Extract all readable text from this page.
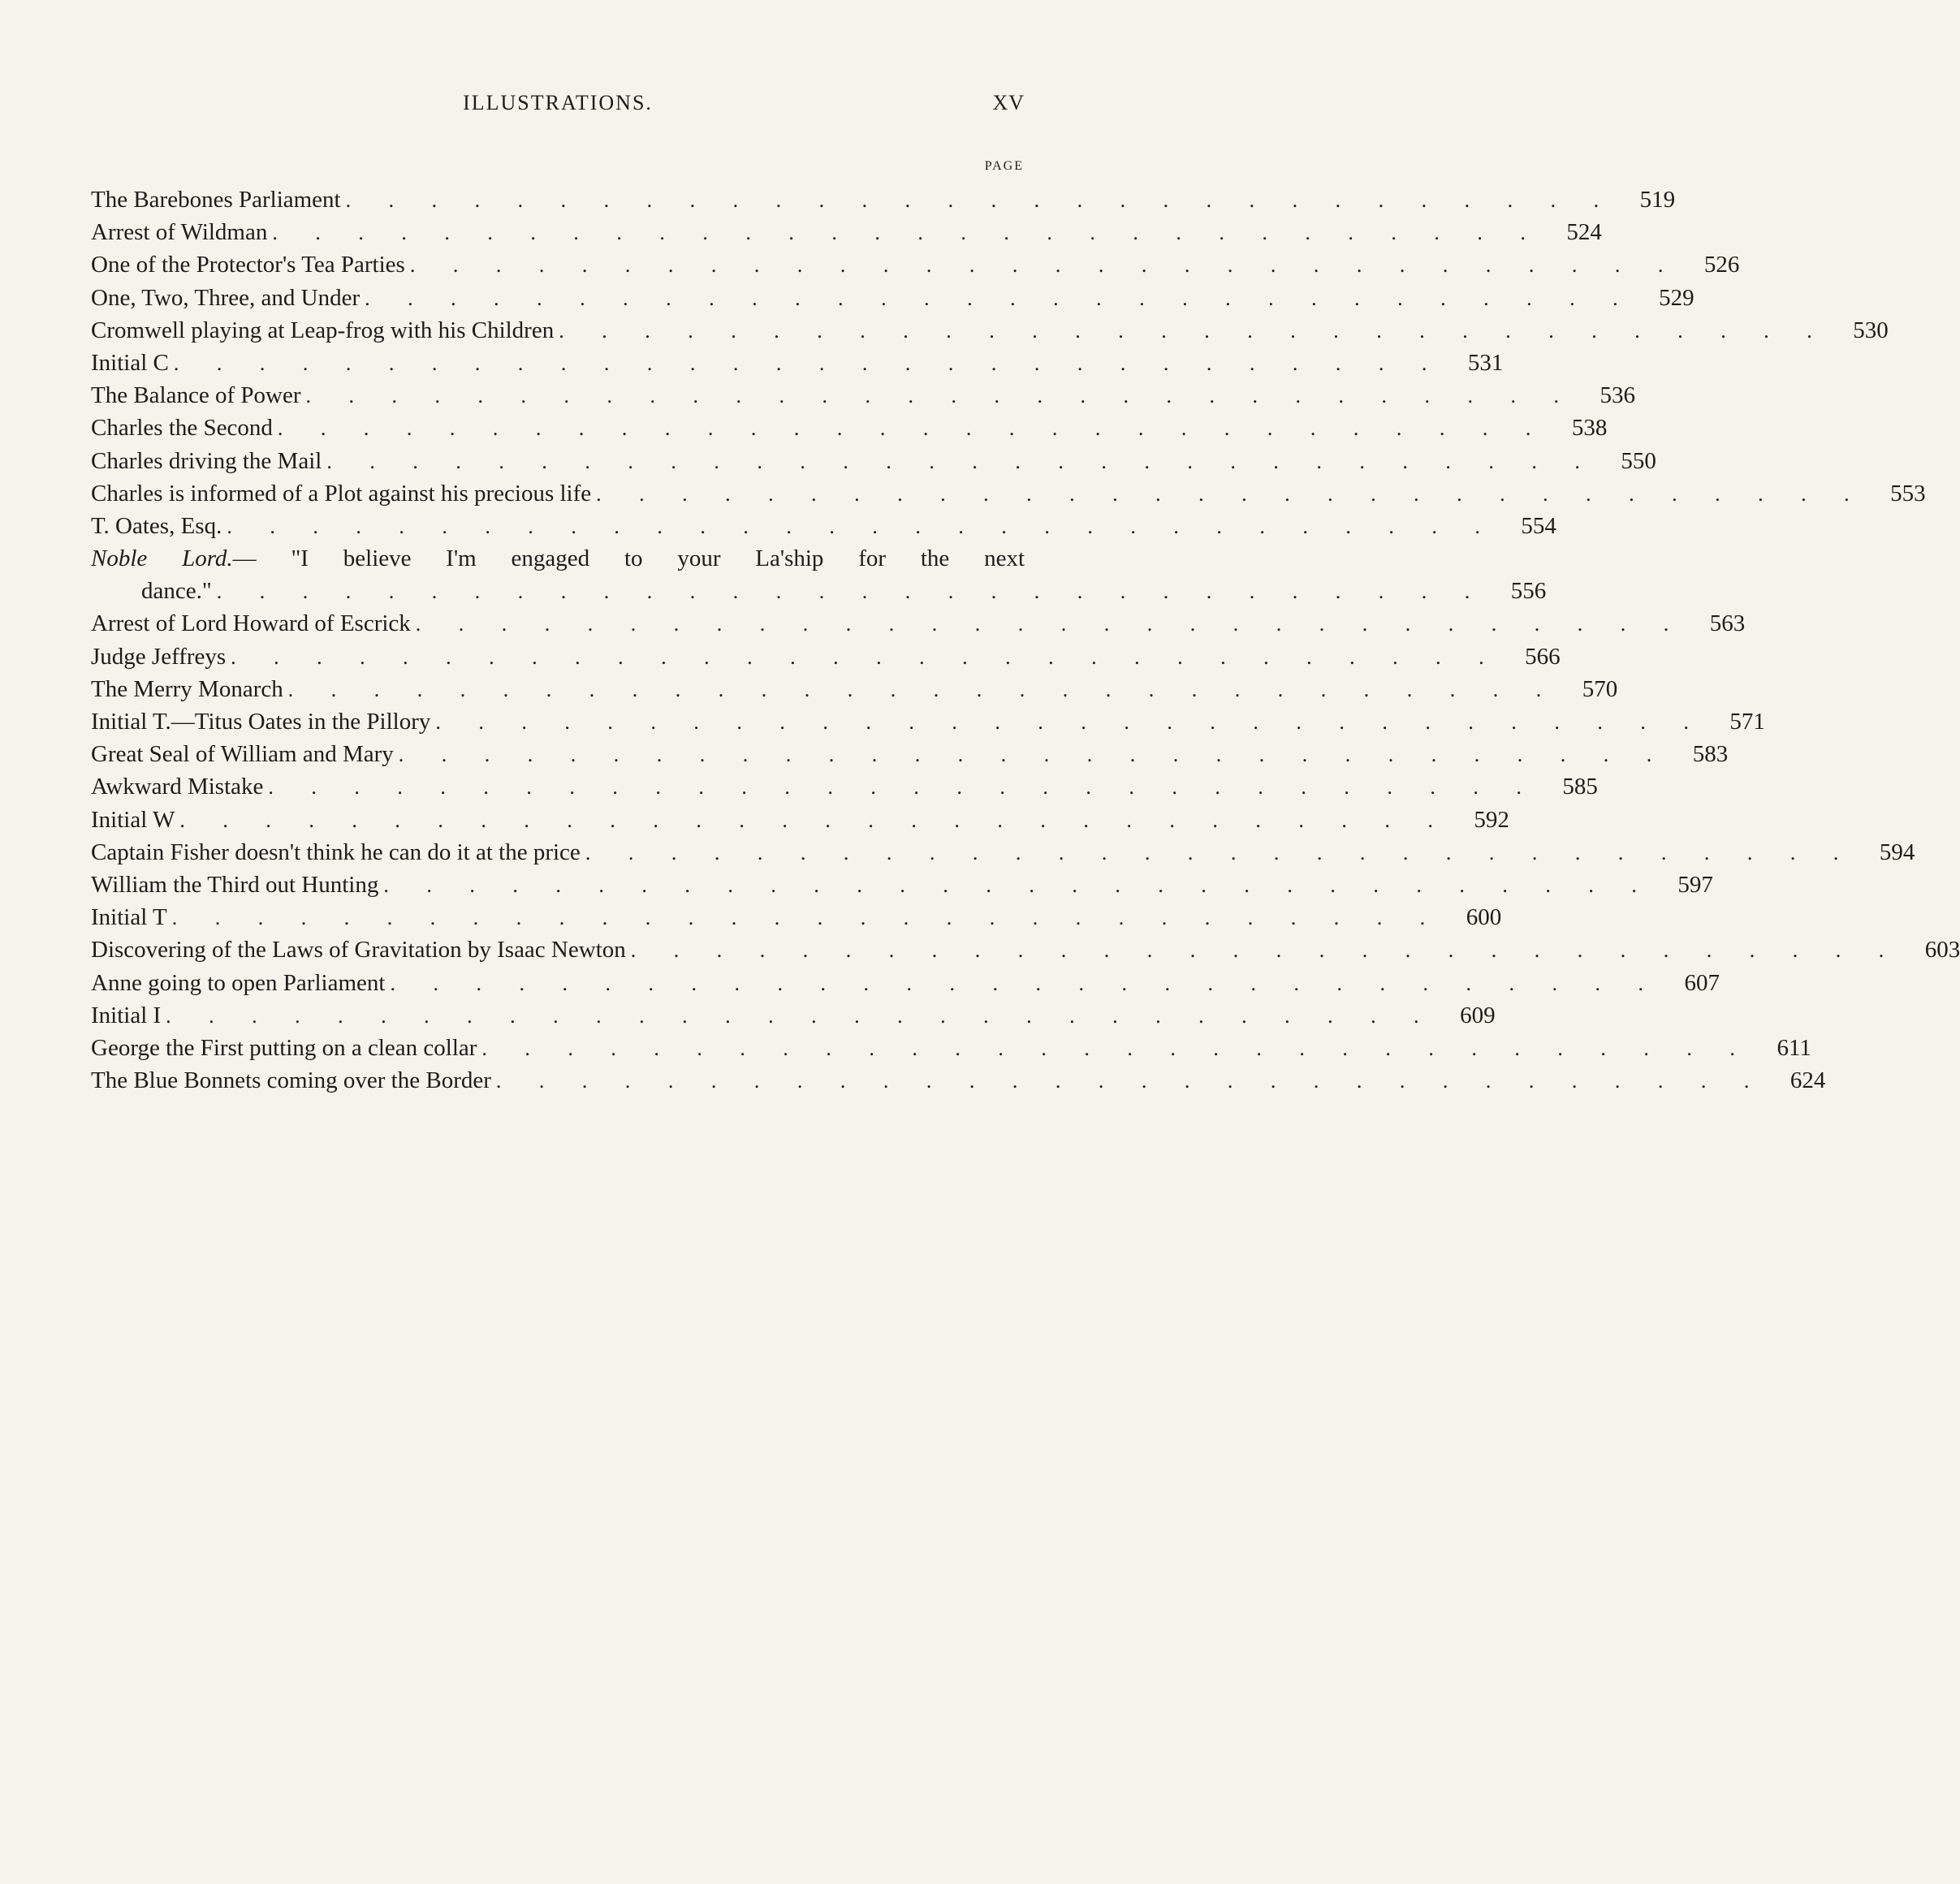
ILLUSTRATIONS.	XV
PAGE
The Barebones Parliament . . . . . . . . . . . . . . . . . . . . . . . . . . . . . .	519
Arrest of Wildman . . . . . . . . . . . . . . . . . . . . . . . . . . . . . .	524
One of the Protector's Tea Parties . . . . . . . . . . . . . . . . . . . . . . . . . . . . . .	526
One, Two, Three, and Under . . . . . . . . . . . . . . . . . . . . . . . . . . . . . .	529
Cromwell playing at Leap-frog with his Children . . . . . . . . . . . . . . . . . . . . . . . . . . . . . .	530
Initial C . . . . . . . . . . . . . . . . . . . . . . . . . . . . . .	531
The Balance of Power . . . . . . . . . . . . . . . . . . . . . . . . . . . . . .	536
Charles the Second . . . . . . . . . . . . . . . . . . . . . . . . . . . . . .	538
Charles driving the Mail . . . . . . . . . . . . . . . . . . . . . . . . . . . . . .	550
Charles is informed of a Plot against his precious life . . . . . . . . . . . . . . . . . . . . . . . . . . . . . .	553
T. Oates, Esq. . . . . . . . . . . . . . . . . . . . . . . . . . . . . . .	554
Noble Lord.— "I believe I'm engaged to your La'ship for the next
dance." . . . . . . . . . . . . . . . . . . . . . . . . . . . . . .	556
Arrest of Lord Howard of Escrick . . . . . . . . . . . . . . . . . . . . . . . . . . . . . .	563
Judge Jeffreys . . . . . . . . . . . . . . . . . . . . . . . . . . . . . .	566
The Merry Monarch . . . . . . . . . . . . . . . . . . . . . . . . . . . . . .	570
Initial T.—Titus Oates in the Pillory . . . . . . . . . . . . . . . . . . . . . . . . . . . . . .	571
Great Seal of William and Mary . . . . . . . . . . . . . . . . . . . . . . . . . . . . . .	583
Awkward Mistake . . . . . . . . . . . . . . . . . . . . . . . . . . . . . .	585
Initial W . . . . . . . . . . . . . . . . . . . . . . . . . . . . . .	592
Captain Fisher doesn't think he can do it at the price . . . . . . . . . . . . . . . . . . . . . . . . . . . . . .	594
William the Third out Hunting . . . . . . . . . . . . . . . . . . . . . . . . . . . . . .	597
Initial T . . . . . . . . . . . . . . . . . . . . . . . . . . . . . .	600
Discovering of the Laws of Gravitation by Isaac Newton . . . . . . . . . . . . . . . . . . . . . . . . . . . . . .	603
Anne going to open Parliament . . . . . . . . . . . . . . . . . . . . . . . . . . . . . .	607
Initial I . . . . . . . . . . . . . . . . . . . . . . . . . . . . . .	609
George the First putting on a clean collar . . . . . . . . . . . . . . . . . . . . . . . . . . . . . .	611
The Blue Bonnets coming over the Border . . . . . . . . . . . . . . . . . . . . . . . . . . . . . .	624
